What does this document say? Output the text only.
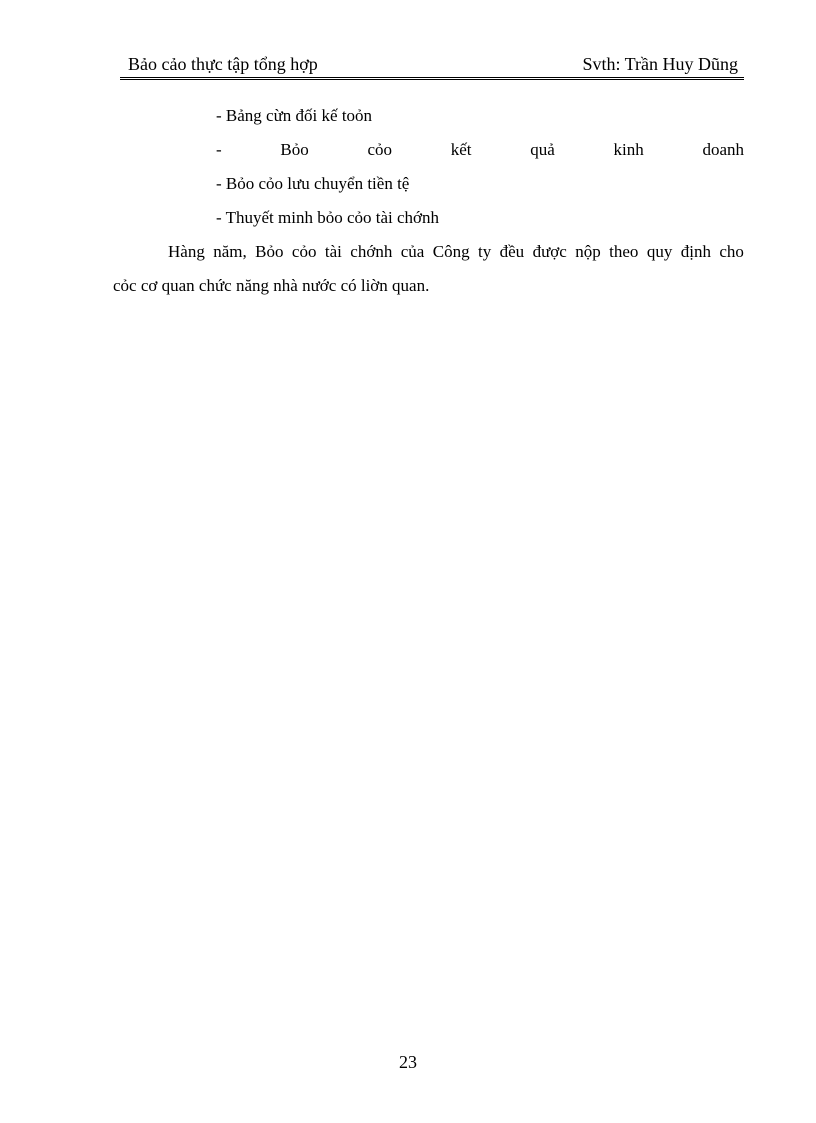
Bảo cảo thực tập tổng hợp	Svth: Trần Huy Dũng
- Bảng cừn đối kế toỏn
-	Bỏo	cỏo	kết	quả	kinh	doanh
- Bỏo cỏo lưu chuyển tiền tệ
- Thuyết minh bỏo cỏo tài chớnh
Hàng năm, Bỏo cỏo tài chớnh của Công ty đều được nộp theo quy định cho
cỏc cơ quan chức năng nhà nước có liờn quan.
23
